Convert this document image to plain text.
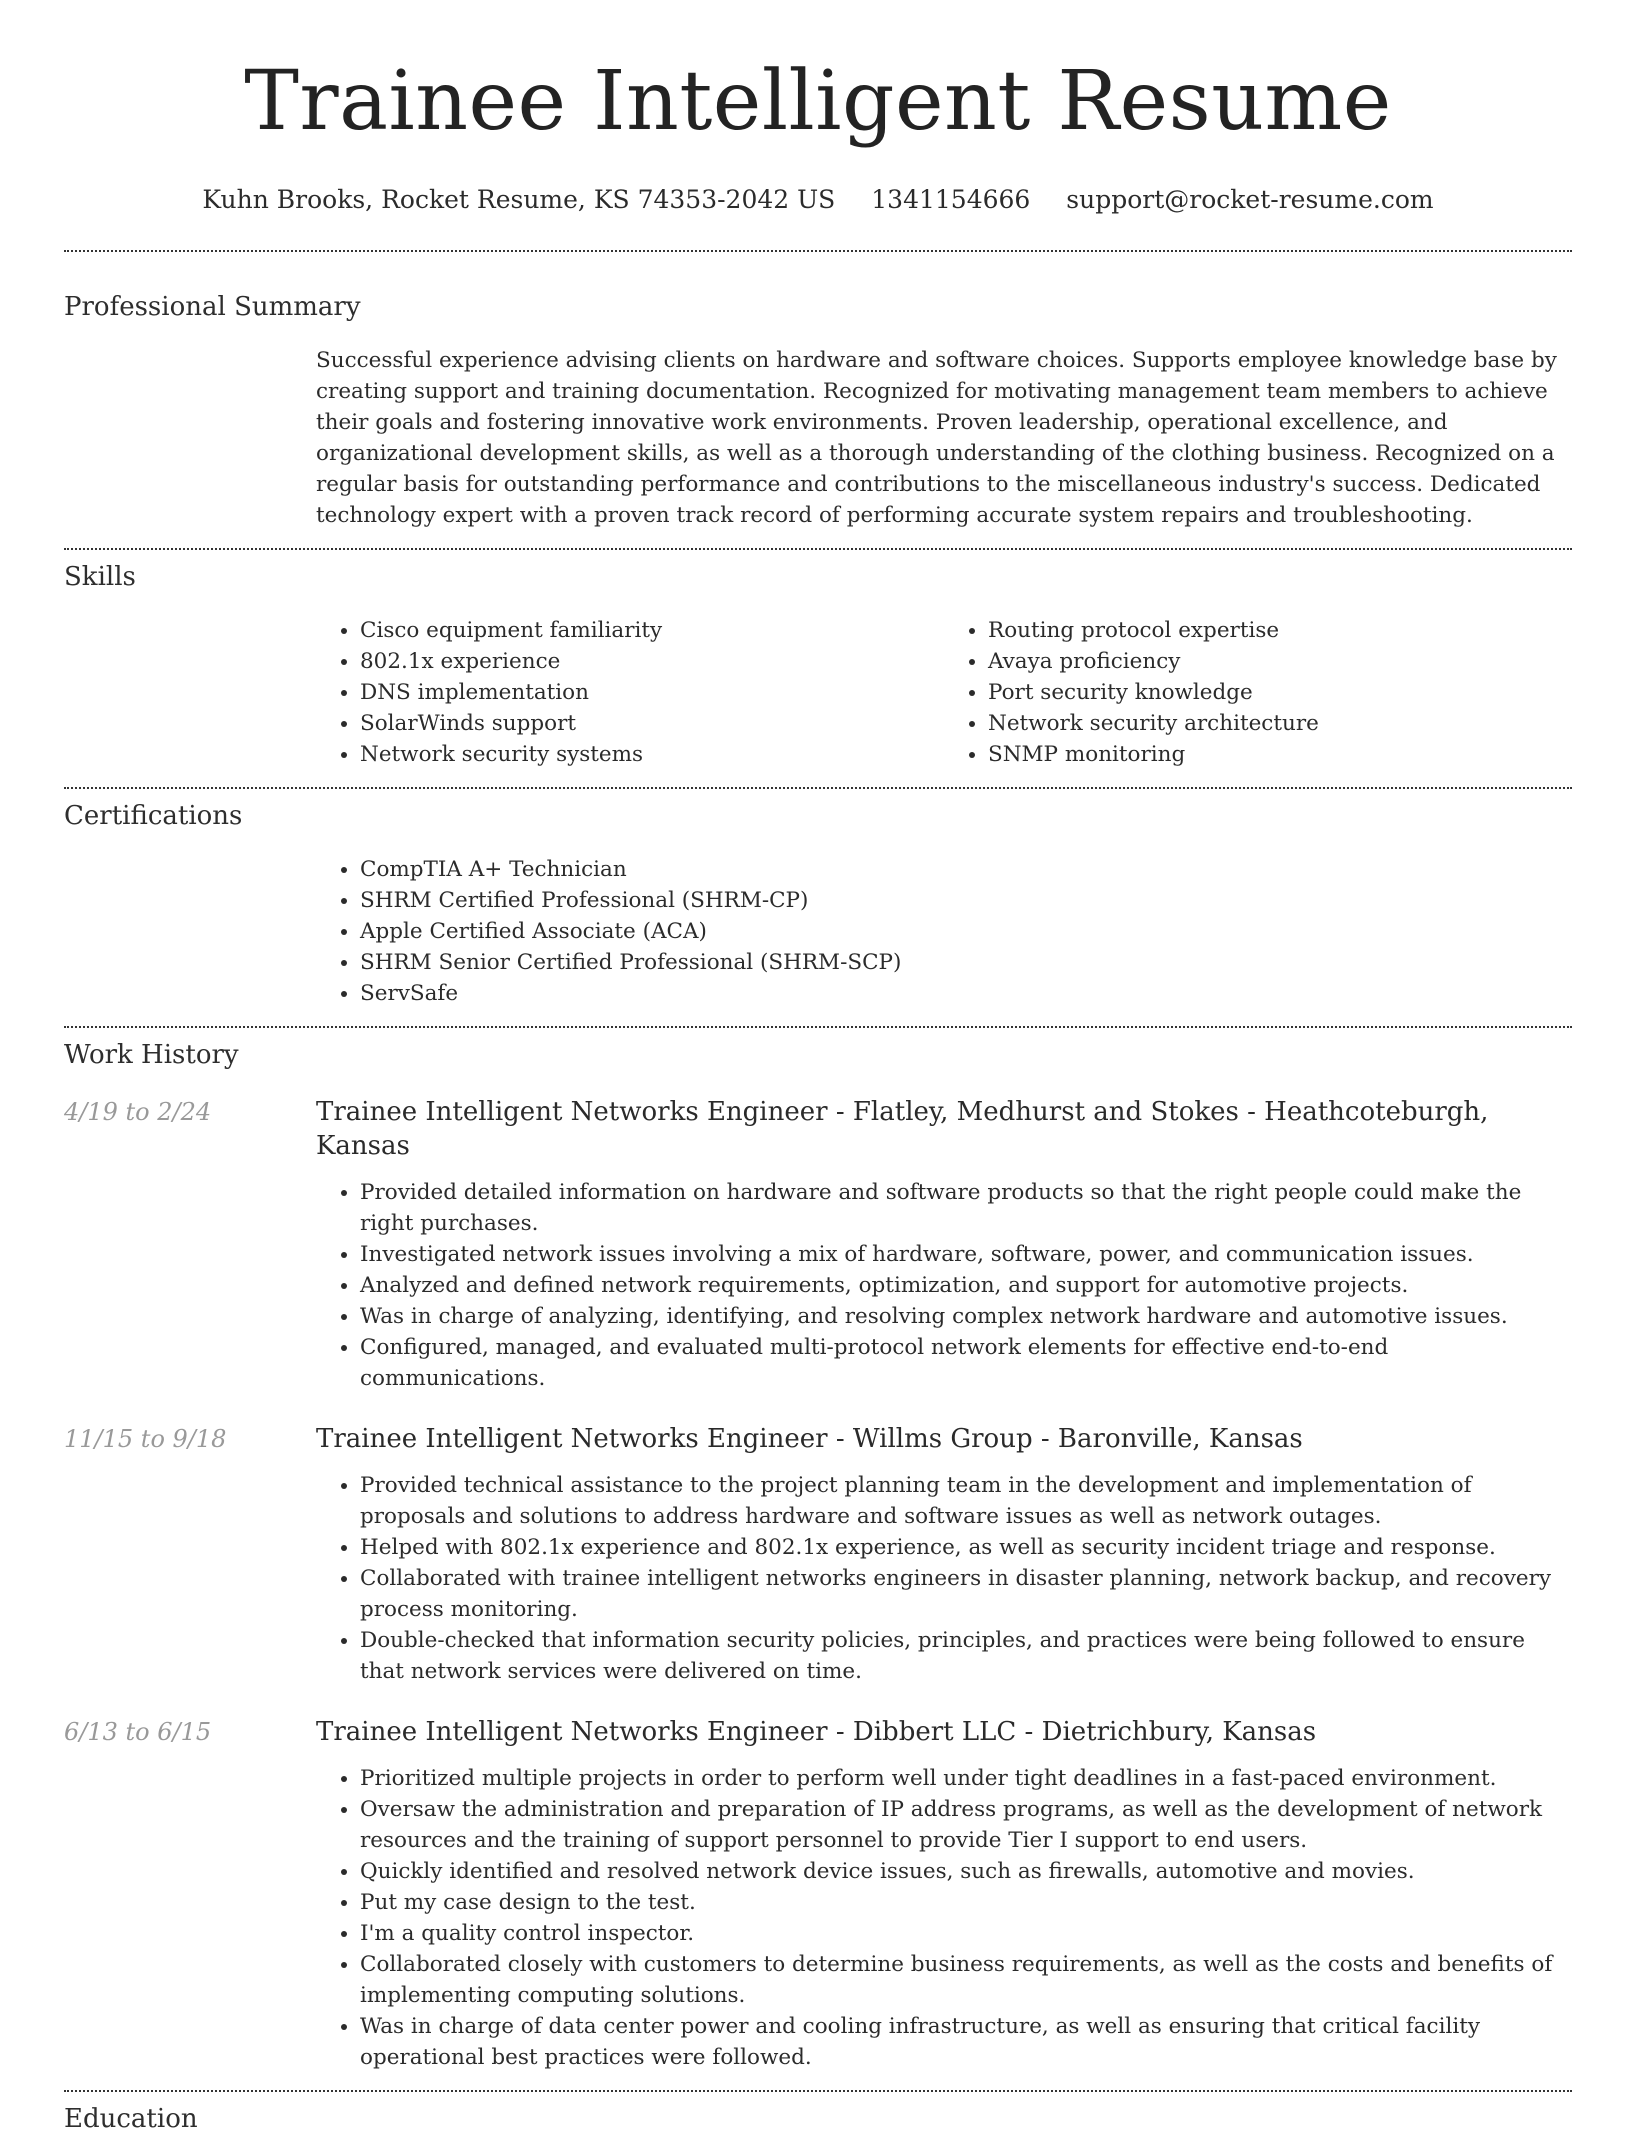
Trainee Intelligent Resume
Kuhn Brooks, Rocket Resume, KS 74353-2042 US 1341154666 support@rocket-resume.com
Professional Summary

Successful experience advising clients on hardware and software choices. Supports employee knowledge base by creating support and training documentation. Recognized for motivating management team members to achieve their goals and fostering innovative work environments. Proven leadership, operational excellence, and organizational development skills, as well as a thorough understanding of the clothing business. Recognized on a regular basis for outstanding performance and contributions to the miscellaneous industry's success. Dedicated technology expert with a proven track record of performing accurate system repairs and troubleshooting.

Skills
• Cisco equipment familiarity
• 802.1x experience
• DNS implementation
• SolarWinds support
• Network security systems
• Routing protocol expertise
• Avaya proficiency
• Port security knowledge
• Network security architecture
• SNMP monitoring
Certifications
• CompTIA A+ Technician
• SHRM Certified Professional (SHRM-CP)
• Apple Certified Associate (ACA)
• SHRM Senior Certified Professional (SHRM-SCP)
• ServSafe
Work History
4/19 to 2/24	Trainee Intelligent Networks Engineer - Flatley, Medhurst and Stokes - Heathcoteburgh, Kansas
• Provided detailed information on hardware and software products so that the right people could make the right purchases.
• Investigated network issues involving a mix of hardware, software, power, and communication issues.
• Analyzed and defined network requirements, optimization, and support for automotive projects.
• Was in charge of analyzing, identifying, and resolving complex network hardware and automotive issues.
• Configured, managed, and evaluated multi-protocol network elements for effective end-to-end communications.
11/15 to 9/18	Trainee Intelligent Networks Engineer - Willms Group - Baronville, Kansas
• Provided technical assistance to the project planning team in the development and implementation of proposals and solutions to address hardware and software issues as well as network outages.
• Helped with 802.1x experience and 802.1x experience, as well as security incident triage and response.
• Collaborated with trainee intelligent networks engineers in disaster planning, network backup, and recovery process monitoring.
• Double-checked that information security policies, principles, and practices were being followed to ensure that network services were delivered on time.
6/13 to 6/15	Trainee Intelligent Networks Engineer - Dibbert LLC - Dietrichbury, Kansas
• Prioritized multiple projects in order to perform well under tight deadlines in a fast-paced environment.
• Oversaw the administration and preparation of IP address programs, as well as the development of network resources and the training of support personnel to provide Tier I support to end users.
• Quickly identified and resolved network device issues, such as firewalls, automotive and movies.
• Put my case design to the test.
• I'm a quality control inspector.
• Collaborated closely with customers to determine business requirements, as well as the costs and benefits of implementing computing solutions.
• Was in charge of data center power and cooling infrastructure, as well as ensuring that critical facility operational best practices were followed.
Education
